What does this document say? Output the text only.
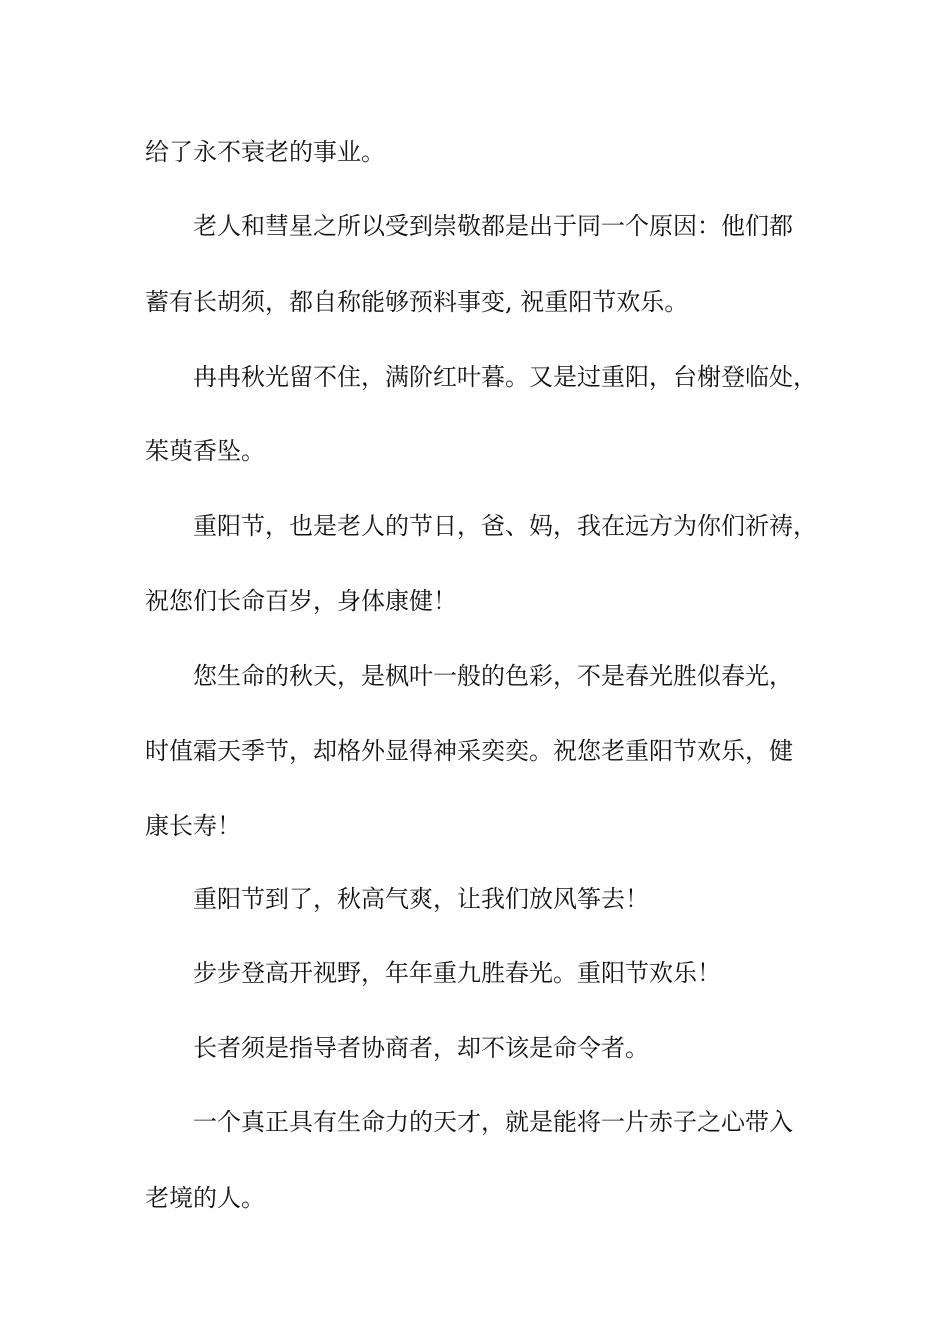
给了永不衰老的事业。
老人和彗星之所以受到崇敬都是出于同一个原因：他们都
蓄有长胡须，都自称能够预料事变, 祝重阳节欢乐。
冉冉秋光留不住，满阶红叶暮。又是过重阳，台榭登临处，
茱萸香坠。
重阳节，也是老人的节日，爸、妈，我在远方为你们祈祷，
祝您们长命百岁，身体康健！
您生命的秋天，是枫叶一般的色彩，不是春光胜似春光，
时值霜天季节，却格外显得神采奕奕。祝您老重阳节欢乐，健
康长寿！
重阳节到了，秋高气爽，让我们放风筝去！
步步登高开视野，年年重九胜春光。重阳节欢乐！
长者须是指导者协商者，却不该是命令者。
一个真正具有生命力的天才，就是能将一片赤子之心带入
老境的人。
